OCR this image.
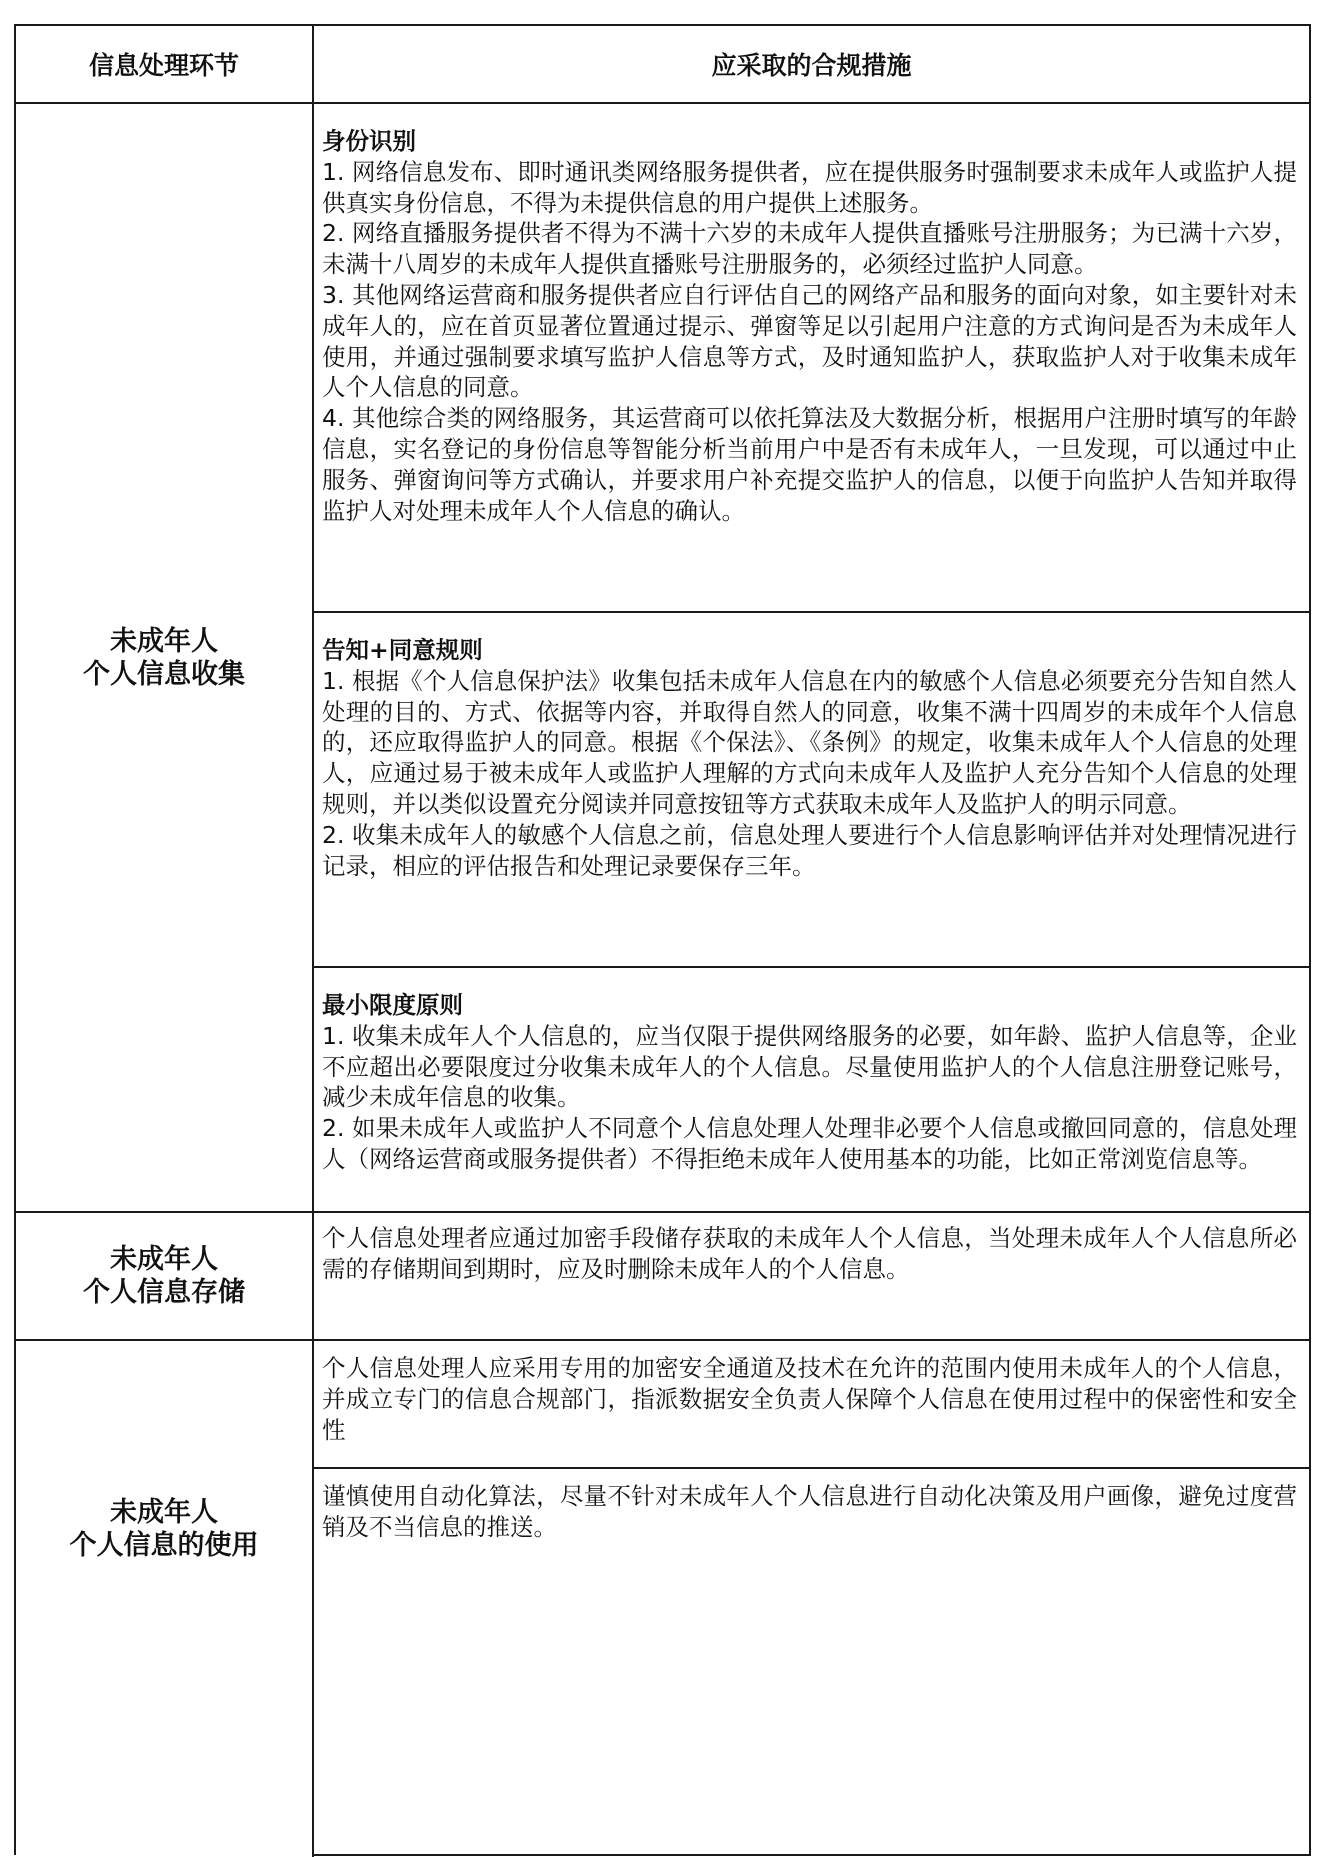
信息处理环节	应采取的合规措施
未成年人
个人信息收集
身份识别

1. 网络信息发布、即时通讯类网络服务提供者，应在提供服务时强制要求未成年人或监护人提供真实身份信息，不得为未提供信息的用户提供上述服务。

2. 网络直播服务提供者不得为不满十六岁的未成年人提供直播账号注册服务；为已满十六岁，未满十八周岁的未成年人提供直播账号注册服务的，必须经过监护人同意。

3. 其他网络运营商和服务提供者应自行评估自己的网络产品和服务的面向对象，如主要针对未成年人的，应在首页显著位置通过提示、弹窗等足以引起用户注意的方式询问是否为未成年人使用，并通过强制要求填写监护人信息等方式，及时通知监护人，获取监护人对于收集未成年人个人信息的同意。

4. 其他综合类的网络服务，其运营商可以依托算法及大数据分析，根据用户注册时填写的年龄信息，实名登记的身份信息等智能分析当前用户中是否有未成年人，一旦发现，可以通过中止服务、弹窗询问等方式确认，并要求用户补充提交监护人的信息，以便于向监护人告知并取得监护人对处理未成年人个人信息的确认。

告知+同意规则

1. 根据《个人信息保护法》收集包括未成年人信息在内的敏感个人信息必须要充分告知自然人处理的目的、方式、依据等内容，并取得自然人的同意，收集不满十四周岁的未成年个人信息的，还应取得监护人的同意。根据《个保法》、《条例》的规定，收集未成年人个人信息的处理人，应通过易于被未成年人或监护人理解的方式向未成年人及监护人充分告知个人信息的处理规则，并以类似设置充分阅读并同意按钮等方式获取未成年人及监护人的明示同意。

2. 收集未成年人的敏感个人信息之前，信息处理人要进行个人信息影响评估并对处理情况进行记录，相应的评估报告和处理记录要保存三年。

最小限度原则

1. 收集未成年人个人信息的，应当仅限于提供网络服务的必要，如年龄、监护人信息等，企业不应超出必要限度过分收集未成年人的个人信息。尽量使用监护人的个人信息注册登记账号，减少未成年信息的收集。

2. 如果未成年人或监护人不同意个人信息处理人处理非必要个人信息或撤回同意的，信息处理人（网络运营商或服务提供者）不得拒绝未成年人使用基本的功能，比如正常浏览信息等。

未成年人
个人信息存储

个人信息处理者应通过加密手段储存获取的未成年人个人信息，当处理未成年人个人信息所必需的存储期间到期时，应及时删除未成年人的个人信息。

未成年人
个人信息的使用

个人信息处理人应采用专用的加密安全通道及技术在允许的范围内使用未成年人的个人信息，并成立专门的信息合规部门，指派数据安全负责人保障个人信息在使用过程中的保密性和安全性

谨慎使用自动化算法，尽量不针对未成年人个人信息进行自动化决策及用户画像，避免过度营销及不当信息的推送。
